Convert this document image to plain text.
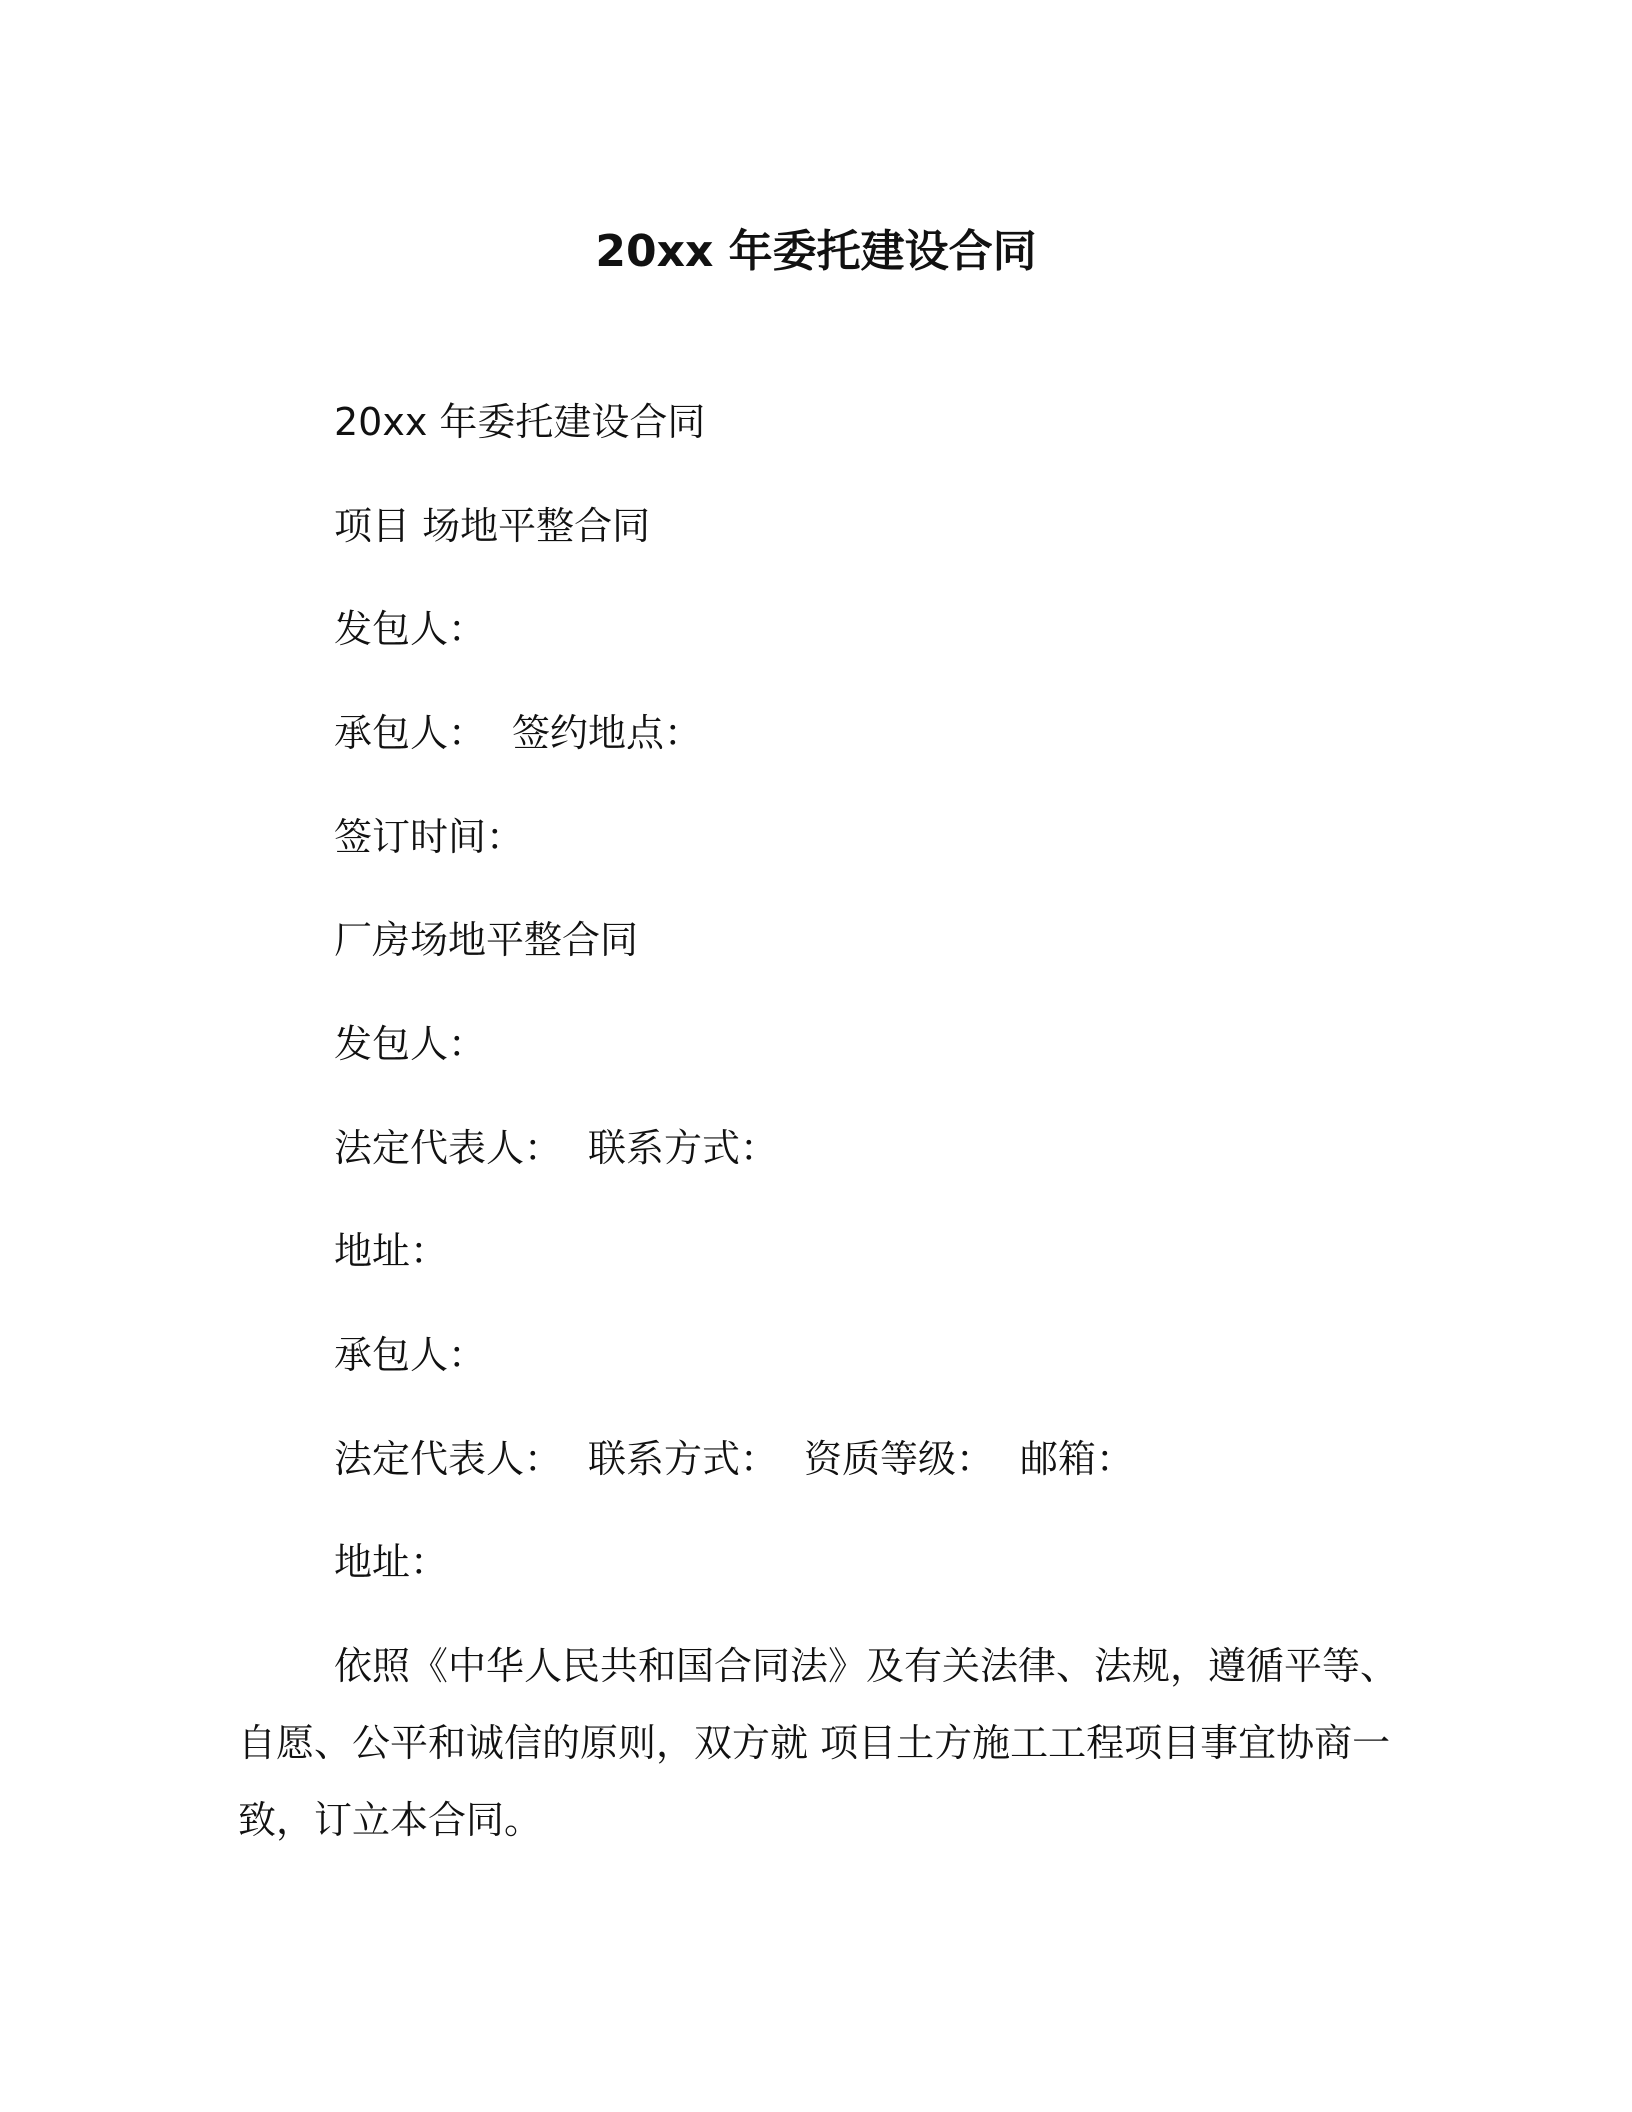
20xx 年委托建设合同

20xx 年委托建设合同

项目 场地平整合同

发包人：

承包人： 签约地点：

签订时间：

厂房场地平整合同

发包人：

法定代表人： 联系方式：

地址：

承包人：

法定代表人： 联系方式： 资质等级： 邮箱：

地址：

依照《中华人民共和国合同法》及有关法律、法规，遵循平等、

自愿、公平和诚信的原则，双方就 项目土方施工工程项目事宜协商一

致，订立本合同。
